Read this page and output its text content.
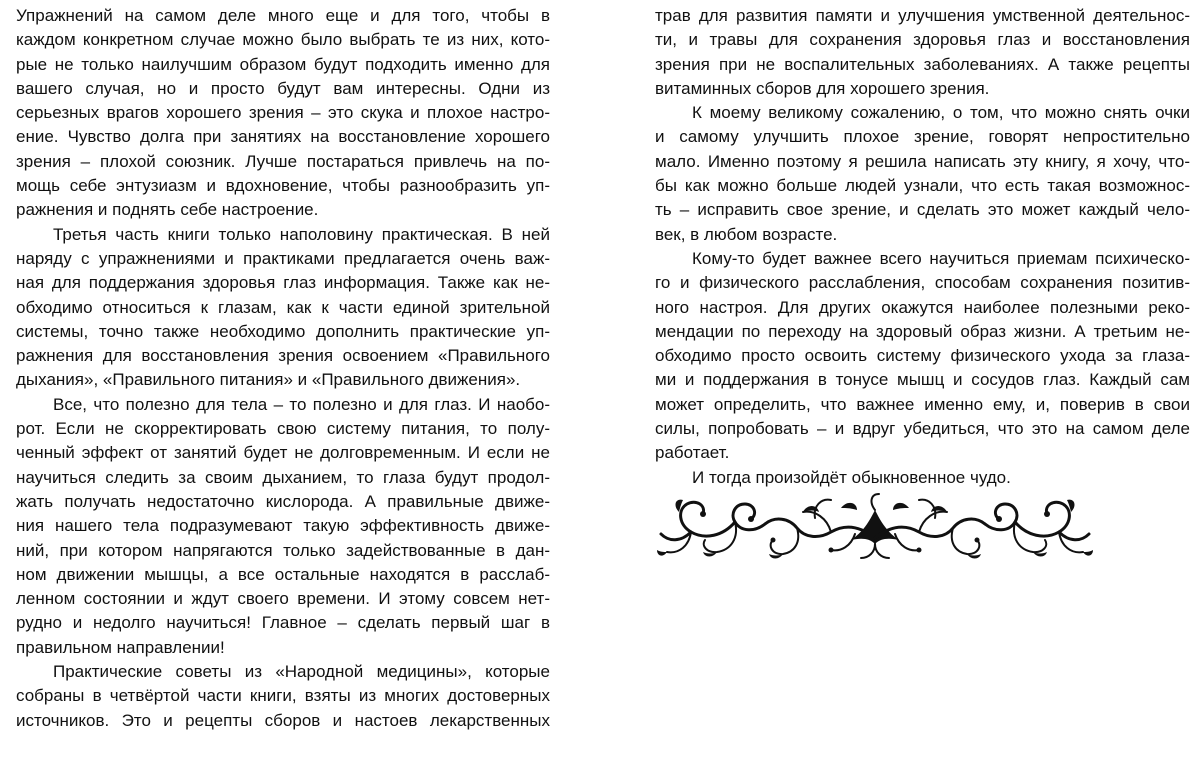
Упражнений на самом деле много еще и для того, чтобы в
каждом конкретном случае можно было выбрать те из них, кото-
рые не только наилучшим образом будут подходить именно для
вашего случая, но и просто будут вам интересны. Одни из
серьезных врагов хорошего зрения – это скука и плохое настро-
ение. Чувство долга при занятиях на восстановление хорошего
зрения – плохой союзник. Лучше постараться привлечь на по-
мощь себе энтузиазм и вдохновение, чтобы разнообразить уп-
ражнения и поднять себе настроение.
Третья часть книги только наполовину практическая. В ней
наряду с упражнениями и практиками предлагается очень важ-
ная для поддержания здоровья глаз информация. Также как не-
обходимо относиться к глазам, как к части единой зрительной
системы, точно также необходимо дополнить практические уп-
ражнения для восстановления зрения освоением «Правильного
дыхания», «Правильного питания» и «Правильного движения».
Все, что полезно для тела – то полезно и для глаз. И наобо-
рот. Если не скорректировать свою систему питания, то полу-
ченный эффект от занятий будет не долговременным. И если не
научиться следить за своим дыханием, то глаза будут продол-
жать получать недостаточно кислорода. А правильные движе-
ния нашего тела подразумевают такую эффективность движе-
ний, при котором напрягаются только задействованные в дан-
ном движении мышцы, а все остальные находятся в расслаб-
ленном состоянии и ждут своего времени. И этому совсем нет-
рудно и недолго научиться! Главное – сделать первый шаг в
правильном направлении!
Практические советы из «Народной медицины», которые
собраны в четвёртой части книги, взяты из многих достоверных
источников. Это и рецепты сборов и настоев лекарственных
трав для развития памяти и улучшения умственной деятельнос-
ти, и травы для сохранения здоровья глаз и восстановления
зрения при не воспалительных заболеваниях. А также рецепты
витаминных сборов для хорошего зрения.
К моему великому сожалению, о том, что можно снять очки
и самому улучшить плохое зрение, говорят непростительно
мало. Именно поэтому я решила написать эту книгу, я хочу, что-
бы как можно больше людей узнали, что есть такая возможнос-
ть – исправить свое зрение, и сделать это может каждый чело-
век, в любом возрасте.
Кому-то будет важнее всего научиться приемам психическо-
го и физического расслабления, способам сохранения позитив-
ного настроя. Для других окажутся наиболее полезными реко-
мендации по переходу на здоровый образ жизни. А третьим не-
обходимо просто освоить систему физического ухода за глаза-
ми и поддержания в тонусе мышц и сосудов глаз. Каждый сам
может определить, что важнее именно ему, и, поверив в свои
силы, попробовать – и вдруг убедиться, что это на самом деле
работает.
И тогда произойдёт обыкновенное чудо.
